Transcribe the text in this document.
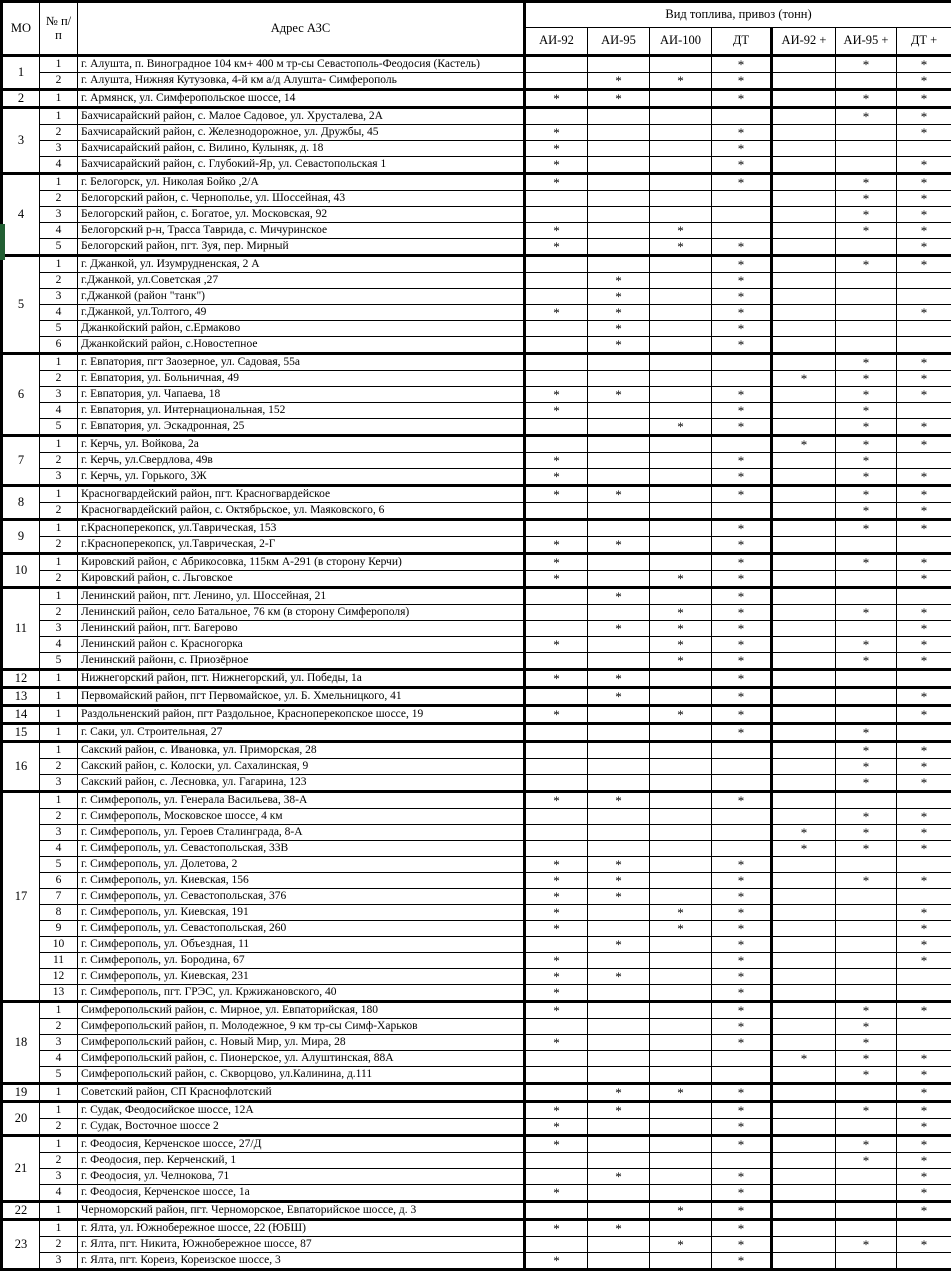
МО	№ п/п	Адрес АЗС	Вид топлива, привоз (тонн)						
			АИ-92	АИ-95	АИ-100	ДТ	АИ-92 +	АИ-95 +	ДТ +
1	1	г. Алушта, п. Виноградное 104 км+ 400 м тр-сы Севастополь-Феодосия (Кастель)				*		*	*
	2	г. Алушта, Нижняя Кутузовка, 4-й км а/д Алушта- Симферополь		*	*	*			*
2	1	г. Армянск, ул. Симферопольское шоссе, 14	*	*		*		*	*
3	1	Бахчисарайский район, с. Малое Садовое, ул. Хрусталева, 2А						*	*
	2	Бахчисарайский район, с. Железнодорожное, ул. Дружбы, 45	*			*			*
	3	Бахчисарайский район, с. Вилино, Кулыняк, д. 18	*			*			
	4	Бахчисарайский район, с. Глубокий-Яр, ул. Севастопольская 1	*			*			*
4	1	г. Белогорск, ул. Николая Бойко ,2/А	*			*		*	*
	2	Белогорский район, с. Чернополье, ул. Шоссейная, 43						*	*
	3	Белогорский район, с. Богатое, ул. Московская, 92						*	*
	4	Белогорский р-н, Трасса Таврида, с. Мичуринское	*		*			*	*
	5	Белогорский район, пгт. Зуя, пер. Мирный	*		*	*			*
5	1	г. Джанкой, ул. Изумрудненская, 2 А				*		*	*
	2	г.Джанкой, ул.Советская ,27		*		*			
	3	г.Джанкой (район "танк")		*		*			
	4	г.Джанкой, ул.Толтого, 49	*	*		*			*
	5	Джанкойский район, с.Ермаково		*		*			
	6	Джанкойский район, с.Новостепное		*		*			
6	1	г. Евпатория, пгт Заозерное, ул. Садовая, 55а						*	*
	2	г. Евпатория, ул. Больничная, 49					*	*	*
	3	г. Евпатория, ул. Чапаева, 18	*	*		*		*	*
	4	г. Евпатория, ул. Интернациональная, 152	*			*		*	
	5	г. Евпатория, ул. Эскадронная, 25			*	*		*	*
7	1	г. Керчь, ул. Войкова, 2а					*	*	*
	2	г. Керчь, ул.Свердлова, 49в	*			*		*	
	3	г. Керчь, ул. Горького, 3Ж	*			*		*	*
8	1	Красногвардейский район, пгт. Красногвардейское	*	*		*		*	*
	2	Красногвардейский район, с. Октябрьское, ул. Маяковского, 6						*	*
9	1	г.Красноперекопск, ул.Таврическая, 153				*		*	*
	2	г.Красноперекопск, ул.Таврическая, 2-Г	*	*		*			
10	1	Кировский район, с Абрикосовка, 115км А-291 (в сторону Керчи)	*			*		*	*
	2	Кировский район, с. Льговское	*		*	*			*
11	1	Ленинский район, пгт. Ленино, ул. Шоссейная, 21		*		*			
	2	Ленинский район, село Батальное, 76 км (в сторону Симферополя)			*	*		*	*
	3	Ленинский район, пгт. Багерово		*	*	*			*
	4	Ленинский район с. Красногорка	*		*	*		*	*
	5	Ленинский районн, с. Приозёрное			*	*		*	*
12	1	Нижнегорский район, пгт. Нижнегорский, ул. Победы, 1а	*	*		*			
13	1	Первомайский район, пгт Первомайское, ул. Б. Хмельницкого, 41		*		*			*
14	1	Раздольненский район, пгт Раздольное, Красноперекопское шоссе, 19	*		*	*			*
15	1	г. Саки, ул. Строительная, 27				*		*	
16	1	Сакский район, с. Ивановка, ул. Приморская, 28						*	*
	2	Сакский район, с. Колоски, ул. Сахалинская, 9						*	*
	3	Сакский район, с. Лесновка, ул. Гагарина, 123						*	*
17	1	г. Симферополь, ул. Генерала Васильева, 38-А	*	*		*			
	2	г. Симферополь, Московское шоссе, 4 км						*	*
	3	г. Симферополь, ул. Героев Сталинграда, 8-А					*	*	*
	4	г. Симферополь, ул. Севастопольская, 33В					*	*	*
	5	г. Симферополь, ул. Долетова, 2	*	*		*			
	6	г. Симферополь, ул. Киевская, 156	*	*		*		*	*
	7	г. Симферополь, ул. Севастопольская, 376	*	*		*			
	8	г. Симферополь, ул. Киевская, 191	*		*	*			*
	9	г. Симферополь, ул. Севастопольская, 260	*		*	*			*
	10	г. Симферополь, ул. Объездная, 11		*		*			*
	11	г. Симферополь, ул. Бородина, 67	*			*			*
	12	г. Симферополь, ул. Киевская, 231	*	*		*			
	13	г. Симферополь, пгт. ГРЭС, ул. Кржижановского, 40	*			*			
18	1	Симферопольский район, с. Мирное, ул. Евпаторийская, 180	*			*		*	*
	2	Симферопольский район, п. Молодежное, 9 км тр-сы Симф-Харьков				*		*	
	3	Симферопольский район, с. Новый Мир, ул. Мира, 28	*			*		*	
	4	Симферопольский район, с. Пионерское, ул. Алуштинская, 88А					*	*	*
	5	Симферопольский район, с. Скворцово, ул.Калинина, д.111						*	*
19	1	Советский район, СП Краснофлотский		*	*	*			*
20	1	г. Судак, Феодосийское шоссе, 12А	*	*		*		*	*
	2	г. Судак, Восточное шоссе 2	*			*			*
21	1	г. Феодосия, Керченское шоссе, 27/Д	*			*		*	*
	2	г. Феодосия, пер. Керченский, 1						*	*
	3	г. Феодосия, ул. Челнокова, 71		*		*			*
	4	г. Феодосия, Керченское шоссе, 1а	*			*			*
22	1	Черноморский район, пгт. Черноморское, Евпаторийское шоссе, д. 3			*	*			*
23	1	г. Ялта, ул. Южнобережное шоссе, 22 (ЮБШ)	*	*		*			
	2	г. Ялта, пгт. Никита, Южнобережное шоссе, 87			*	*		*	*
	3	г. Ялта, пгт. Кореиз, Кореизское шоссе, 3	*			*			
